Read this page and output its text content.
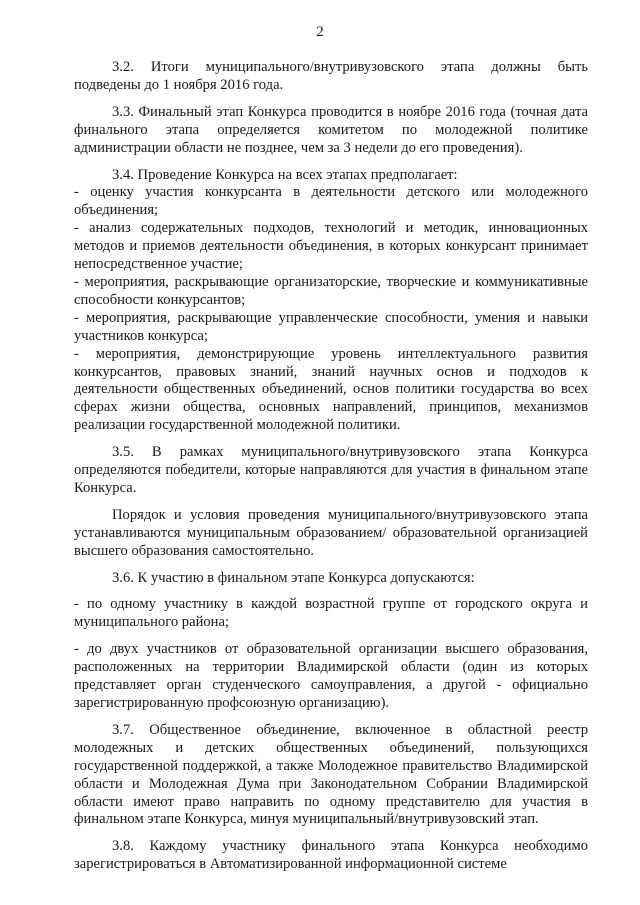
2

3.2. Итоги муниципального/внутривузовского этапа должны быть подведены до 1 ноября 2016 года.

3.3. Финальный этап Конкурса проводится в ноябре 2016 года (точная дата финального этапа определяется комитетом по молодежной политике администрации области не позднее, чем за 3 недели до его проведения).

3.4. Проведение Конкурса на всех этапах предполагает:

- оценку участия конкурсанта в деятельности детского или молодежного объединения;

- анализ содержательных подходов, технологий и методик, инновационных методов и приемов деятельности объединения, в которых конкурсант принимает непосредственное участие;

- мероприятия, раскрывающие организаторские, творческие и коммуникативные способности конкурсантов;

- мероприятия, раскрывающие управленческие способности, умения и навыки участников конкурса;

- мероприятия, демонстрирующие уровень интеллектуального развития конкурсантов, правовых знаний, знаний научных основ и подходов к деятельности общественных объединений, основ политики государства во всех сферах жизни общества, основных направлений, принципов, механизмов реализации государственной молодежной политики.

3.5. В рамках муниципального/внутривузовского этапа Конкурса определяются победители, которые направляются для участия в финальном этапе Конкурса.

Порядок и условия проведения муниципального/внутривузовского этапа устанавливаются муниципальным образованием/ образовательной организацией высшего образования самостоятельно.

3.6. К участию в финальном этапе Конкурса допускаются:

- по одному участнику в каждой возрастной группе от городского округа и муниципального района;

- до двух участников от образовательной организации высшего образования, расположенных на территории Владимирской области (один из которых представляет орган студенческого самоуправления, а другой - официально зарегистрированную профсоюзную организацию).

3.7. Общественное объединение, включенное в областной реестр молодежных и детских общественных объединений, пользующихся государственной поддержкой, а также Молодежное правительство Владимирской области и Молодежная Дума при Законодательном Собрании Владимирской области имеют право направить по одному представителю для участия в финальном этапе Конкурса, минуя муниципальный/внутривузовский этап.

3.8. Каждому участнику финального этапа Конкурса необходимо зарегистрироваться в Автоматизированной информационной системе
